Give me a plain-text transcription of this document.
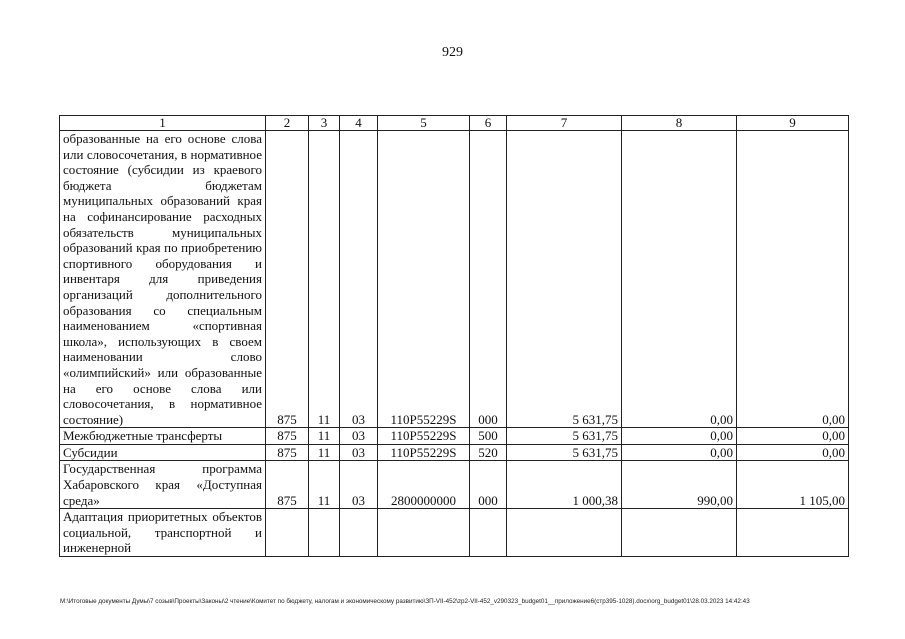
929
1	2	3	4	5	6	7	8	9
образованные на его основе слова или словосочетания, в нормативное состояние (субсидии из краевого бюджета бюджетам муниципальных образований края на софинансирование расходных обязательств муниципальных образований края по приобретению спортивного оборудования и инвентаря для приведения организаций дополнительного образования со специальным наименованием «спортивная школа», использующих в своем наименовании слово «олимпийский» или образованные на его основе слова или словосочетания, в нормативное состояние)	875	11	03	110P55229S	000	5 631,75	0,00	0,00
Межбюджетные трансферты	875	11	03	110P55229S	500	5 631,75	0,00	0,00
Субсидии	875	11	03	110P55229S	520	5 631,75	0,00	0,00
Государственная программа Хабаровского края «Доступная среда»	875	11	03	2800000000	000	1 000,38	990,00	1 105,00
Адаптация приоритетных объектов социальной, транспортной и инженерной								
M:\Итоговые документы Думы\7 созыв\Проекты\Законы\2 чтение\Комитет по бюджету, налогам и экономическому развитию\ЗП-VII-452\zp2-VII-452_v290323_budget01__приложение6(стр395-1028).docx\org_budget01\28.03.2023 14:42:43
